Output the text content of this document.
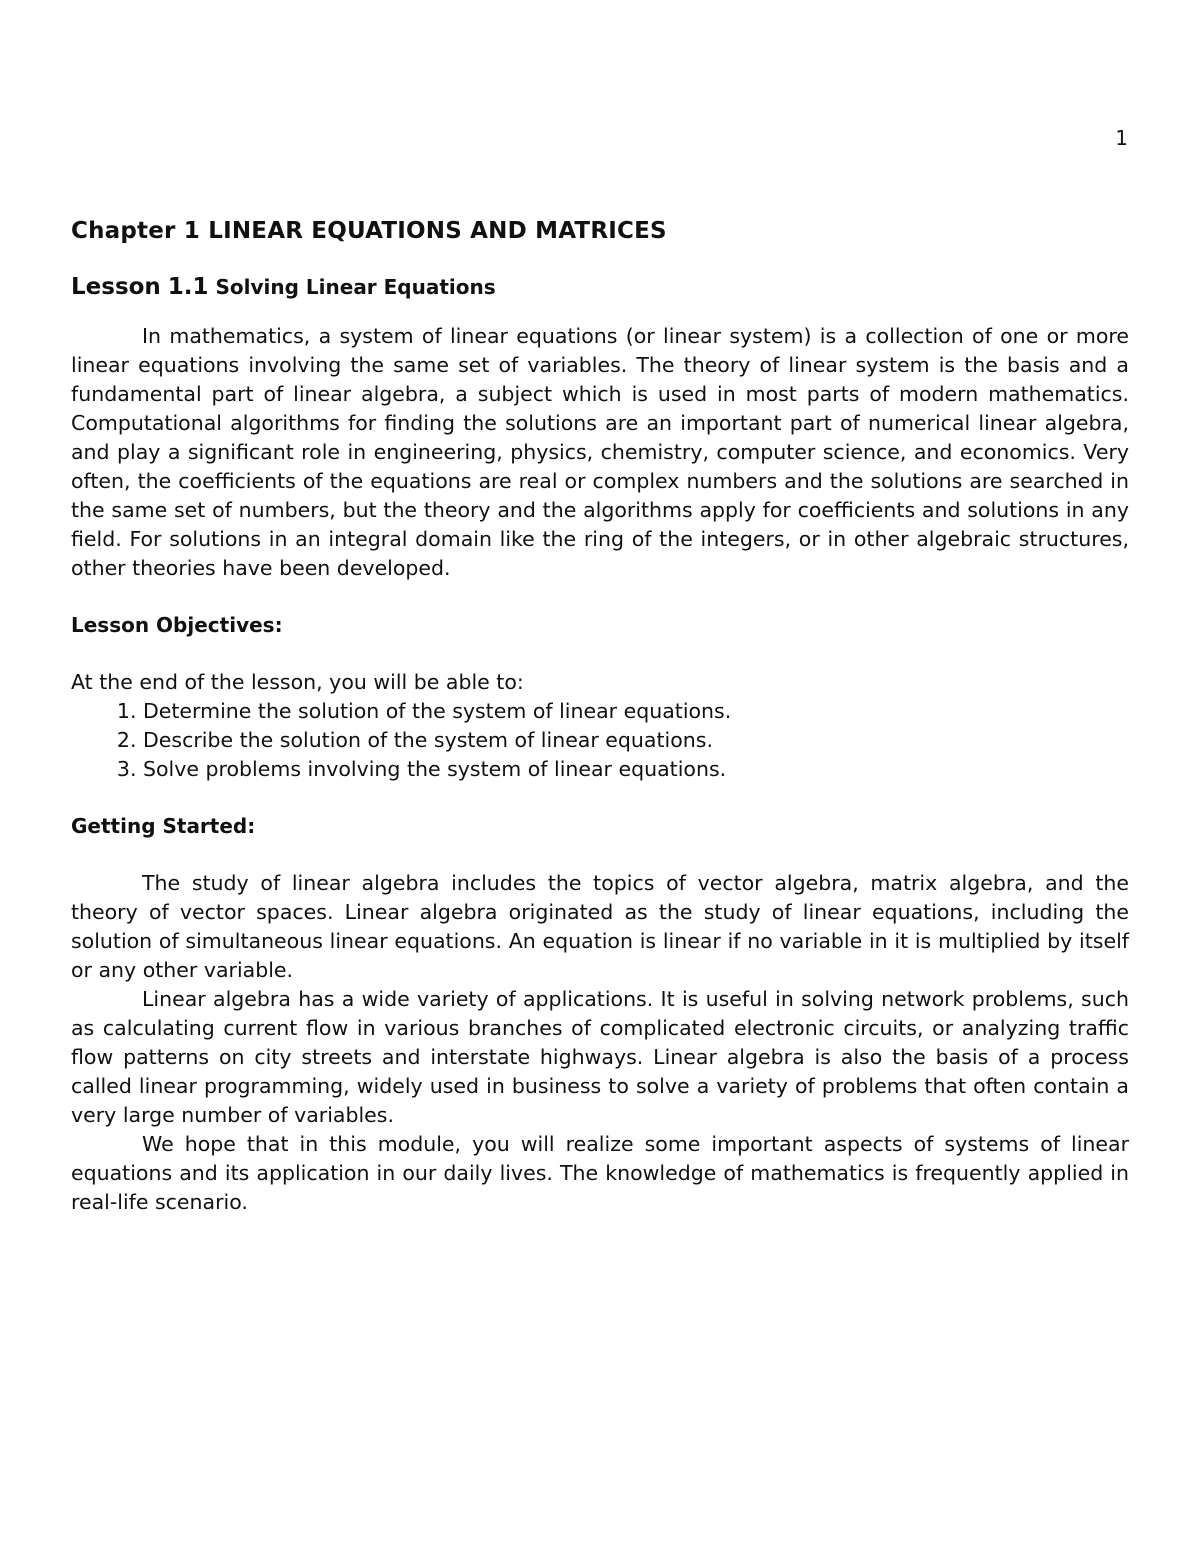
1
Chapter 1 LINEAR EQUATIONS AND MATRICES
Lesson 1.1 Solving Linear Equations

In mathematics, a system of linear equations (or linear system) is a collection of one or more linear equations involving the same set of variables. The theory of linear system is the basis and a fundamental part of linear algebra, a subject which is used in most parts of modern mathematics. Computational algorithms for finding the solutions are an important part of numerical linear algebra, and play a significant role in engineering, physics, chemistry, computer science, and economics. Very often, the coefficients of the equations are real or complex numbers and the solutions are searched in the same set of numbers, but the theory and the algorithms apply for coefficients and solutions in any field. For solutions in an integral domain like the ring of the integers, or in other algebraic structures, other theories have been developed.

Lesson Objectives:

At the end of the lesson, you will be able to:

1. Determine the solution of the system of linear equations.
2. Describe the solution of the system of linear equations.
3. Solve problems involving the system of linear equations.
Getting Started:

The study of linear algebra includes the topics of vector algebra, matrix algebra, and the theory of vector spaces. Linear algebra originated as the study of linear equations, including the solution of simultaneous linear equations. An equation is linear if no variable in it is multiplied by itself or any other variable.

Linear algebra has a wide variety of applications. It is useful in solving network problems, such as calculating current flow in various branches of complicated electronic circuits, or analyzing traffic flow patterns on city streets and interstate highways. Linear algebra is also the basis of a process called linear programming, widely used in business to solve a variety of problems that often contain a very large number of variables.

We hope that in this module, you will realize some important aspects of systems of linear equations and its application in our daily lives. The knowledge of mathematics is frequently applied in real-life scenario.
